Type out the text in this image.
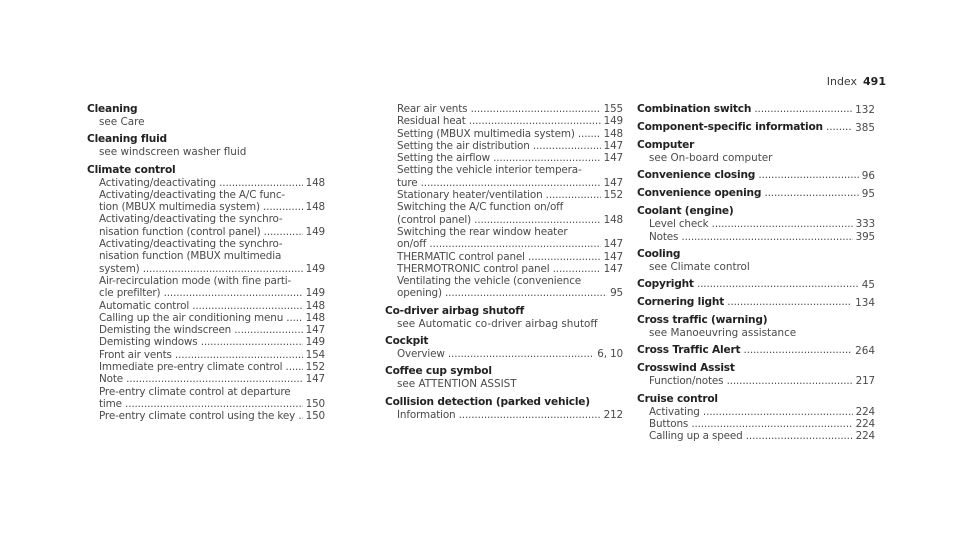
Index 491
Cleaning
see Care
Cleaning fluid
see windscreen washer fluid
Climate control
Activating/deactivating .....	148
Activating/deactivating the A/C func-
tion (MBUX multimedia system) .....	148
Activating/deactivating the synchro-
nisation function (control panel) .....	149
Activating/deactivating the synchro-
nisation function (MBUX multimedia
system) .....	149
Air-recirculation mode (with fine parti-
cle prefilter) .....	149
Automatic control .....	148
Calling up the air conditioning menu .....	148
Demisting the windscreen .....	147
Demisting windows .....	149
Front air vents .....	154
Immediate pre-entry climate control .....	152
Note .....	147
Pre-entry climate control at departure
time .....	150
Pre-entry climate control using the key .....	150
Rear air vents .....	155
Residual heat .....	149
Setting (MBUX multimedia system) .....	148
Setting the air distribution .....	147
Setting the airflow .....	147
Setting the vehicle interior tempera-
ture .....	147
Stationary heater/ventilation .....	152
Switching the A/C function on/off
(control panel) .....	148
Switching the rear window heater
on/off .....	147
THERMATIC control panel .....	147
THERMOTRONIC control panel .....	147
Ventilating the vehicle (convenience
opening) .....	95
Co-driver airbag shutoff
see Automatic co-driver airbag shutoff
Cockpit
Overview .....	6, 10
Coffee cup symbol
see ATTENTION ASSIST
Collision detection (parked vehicle)
Information .....	212
Combination switch .....	132
Component-specific information .....	385
Computer
see On-board computer
Convenience closing .....	96
Convenience opening .....	95
Coolant (engine)
Level check .....	333
Notes .....	395
Cooling
see Climate control
Copyright .....	45
Cornering light .....	134
Cross traffic (warning)
see Manoeuvring assistance
Cross Traffic Alert .....	264
Crosswind Assist
Function/notes .....	217
Cruise control
Activating .....	224
Buttons .....	224
Calling up a speed .....	224
